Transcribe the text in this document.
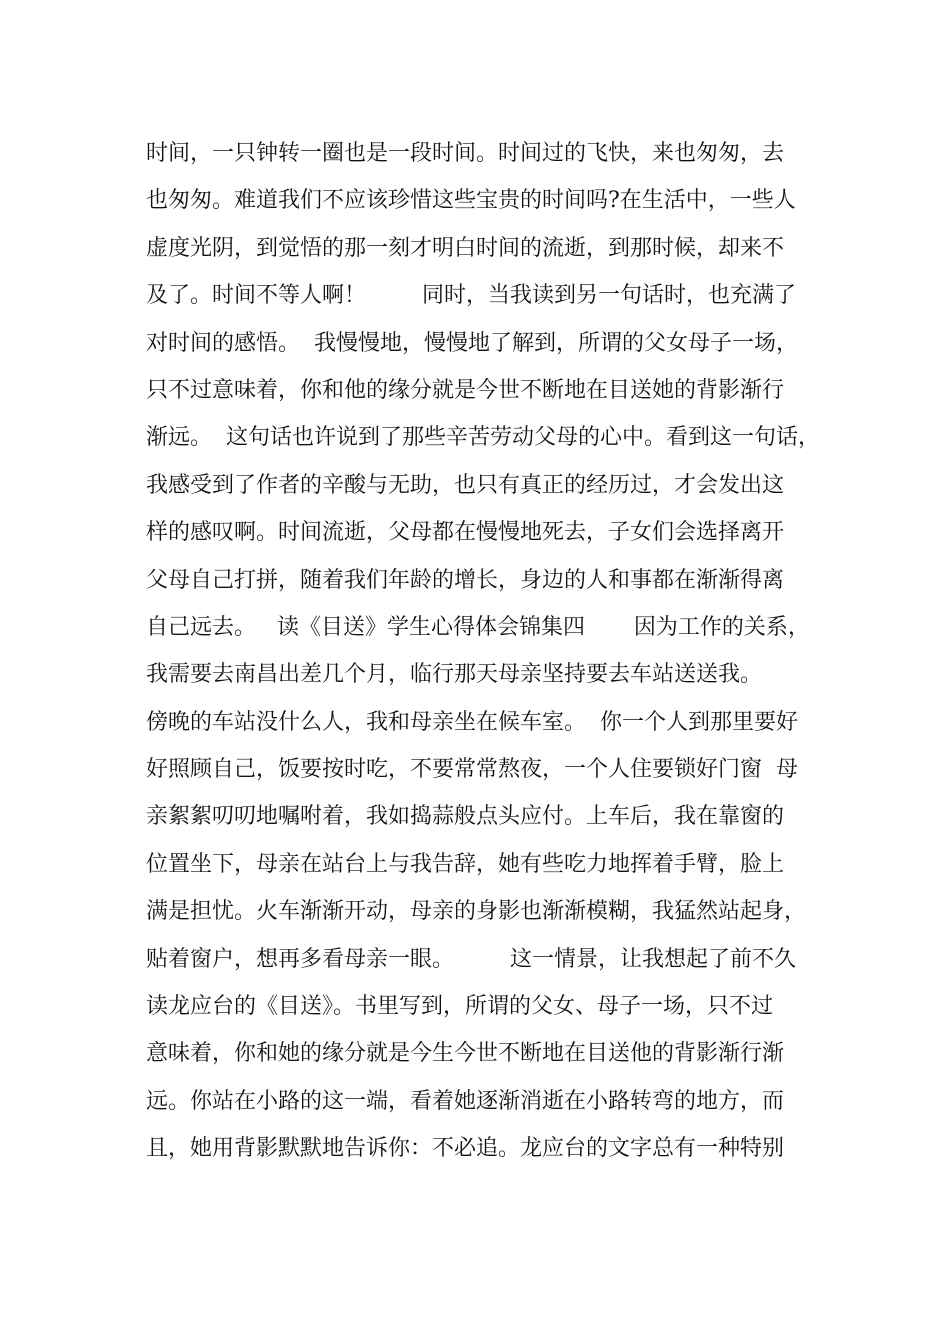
时间，一只钟转一圈也是一段时间。时间过的飞快，来也匆匆，去
也匆匆。难道我们不应该珍惜这些宝贵的时间吗?在生活中，一些人
虚度光阴，到觉悟的那一刻才明白时间的流逝，到那时候，却来不
及了。时间不等人啊！        同时，当我读到另一句话时，也充满了
对时间的感悟。  我慢慢地，慢慢地了解到，所谓的父女母子一场，
只不过意味着，你和他的缘分就是今世不断地在目送她的背影渐行
渐远。  这句话也许说到了那些辛苦劳动父母的心中。看到这一句话，
我感受到了作者的辛酸与无助，也只有真正的经历过，才会发出这
样的感叹啊。时间流逝，父母都在慢慢地死去，子女们会选择离开
父母自己打拼，随着我们年龄的增长，身边的人和事都在渐渐得离
自己远去。   读《目送》学生心得体会锦集四       因为工作的关系，
我需要去南昌出差几个月，临行那天母亲坚持要去车站送送我。
傍晚的车站没什么人，我和母亲坐在候车室。  你一个人到那里要好
好照顾自己，饭要按时吃，不要常常熬夜，一个人住要锁好门窗  母
亲絮絮叨叨地嘱咐着，我如捣蒜般点头应付。上车后，我在靠窗的
位置坐下，母亲在站台上与我告辞，她有些吃力地挥着手臂，脸上
满是担忧。火车渐渐开动，母亲的身影也渐渐模糊，我猛然站起身，
贴着窗户，想再多看母亲一眼。        这一情景，让我想起了前不久
读龙应台的《目送》。书里写到，所谓的父女、母子一场，只不过
意味着，你和她的缘分就是今生今世不断地在目送他的背影渐行渐
远。你站在小路的这一端，看着她逐渐消逝在小路转弯的地方，而
且，她用背影默默地告诉你：不必追。龙应台的文字总有一种特别
